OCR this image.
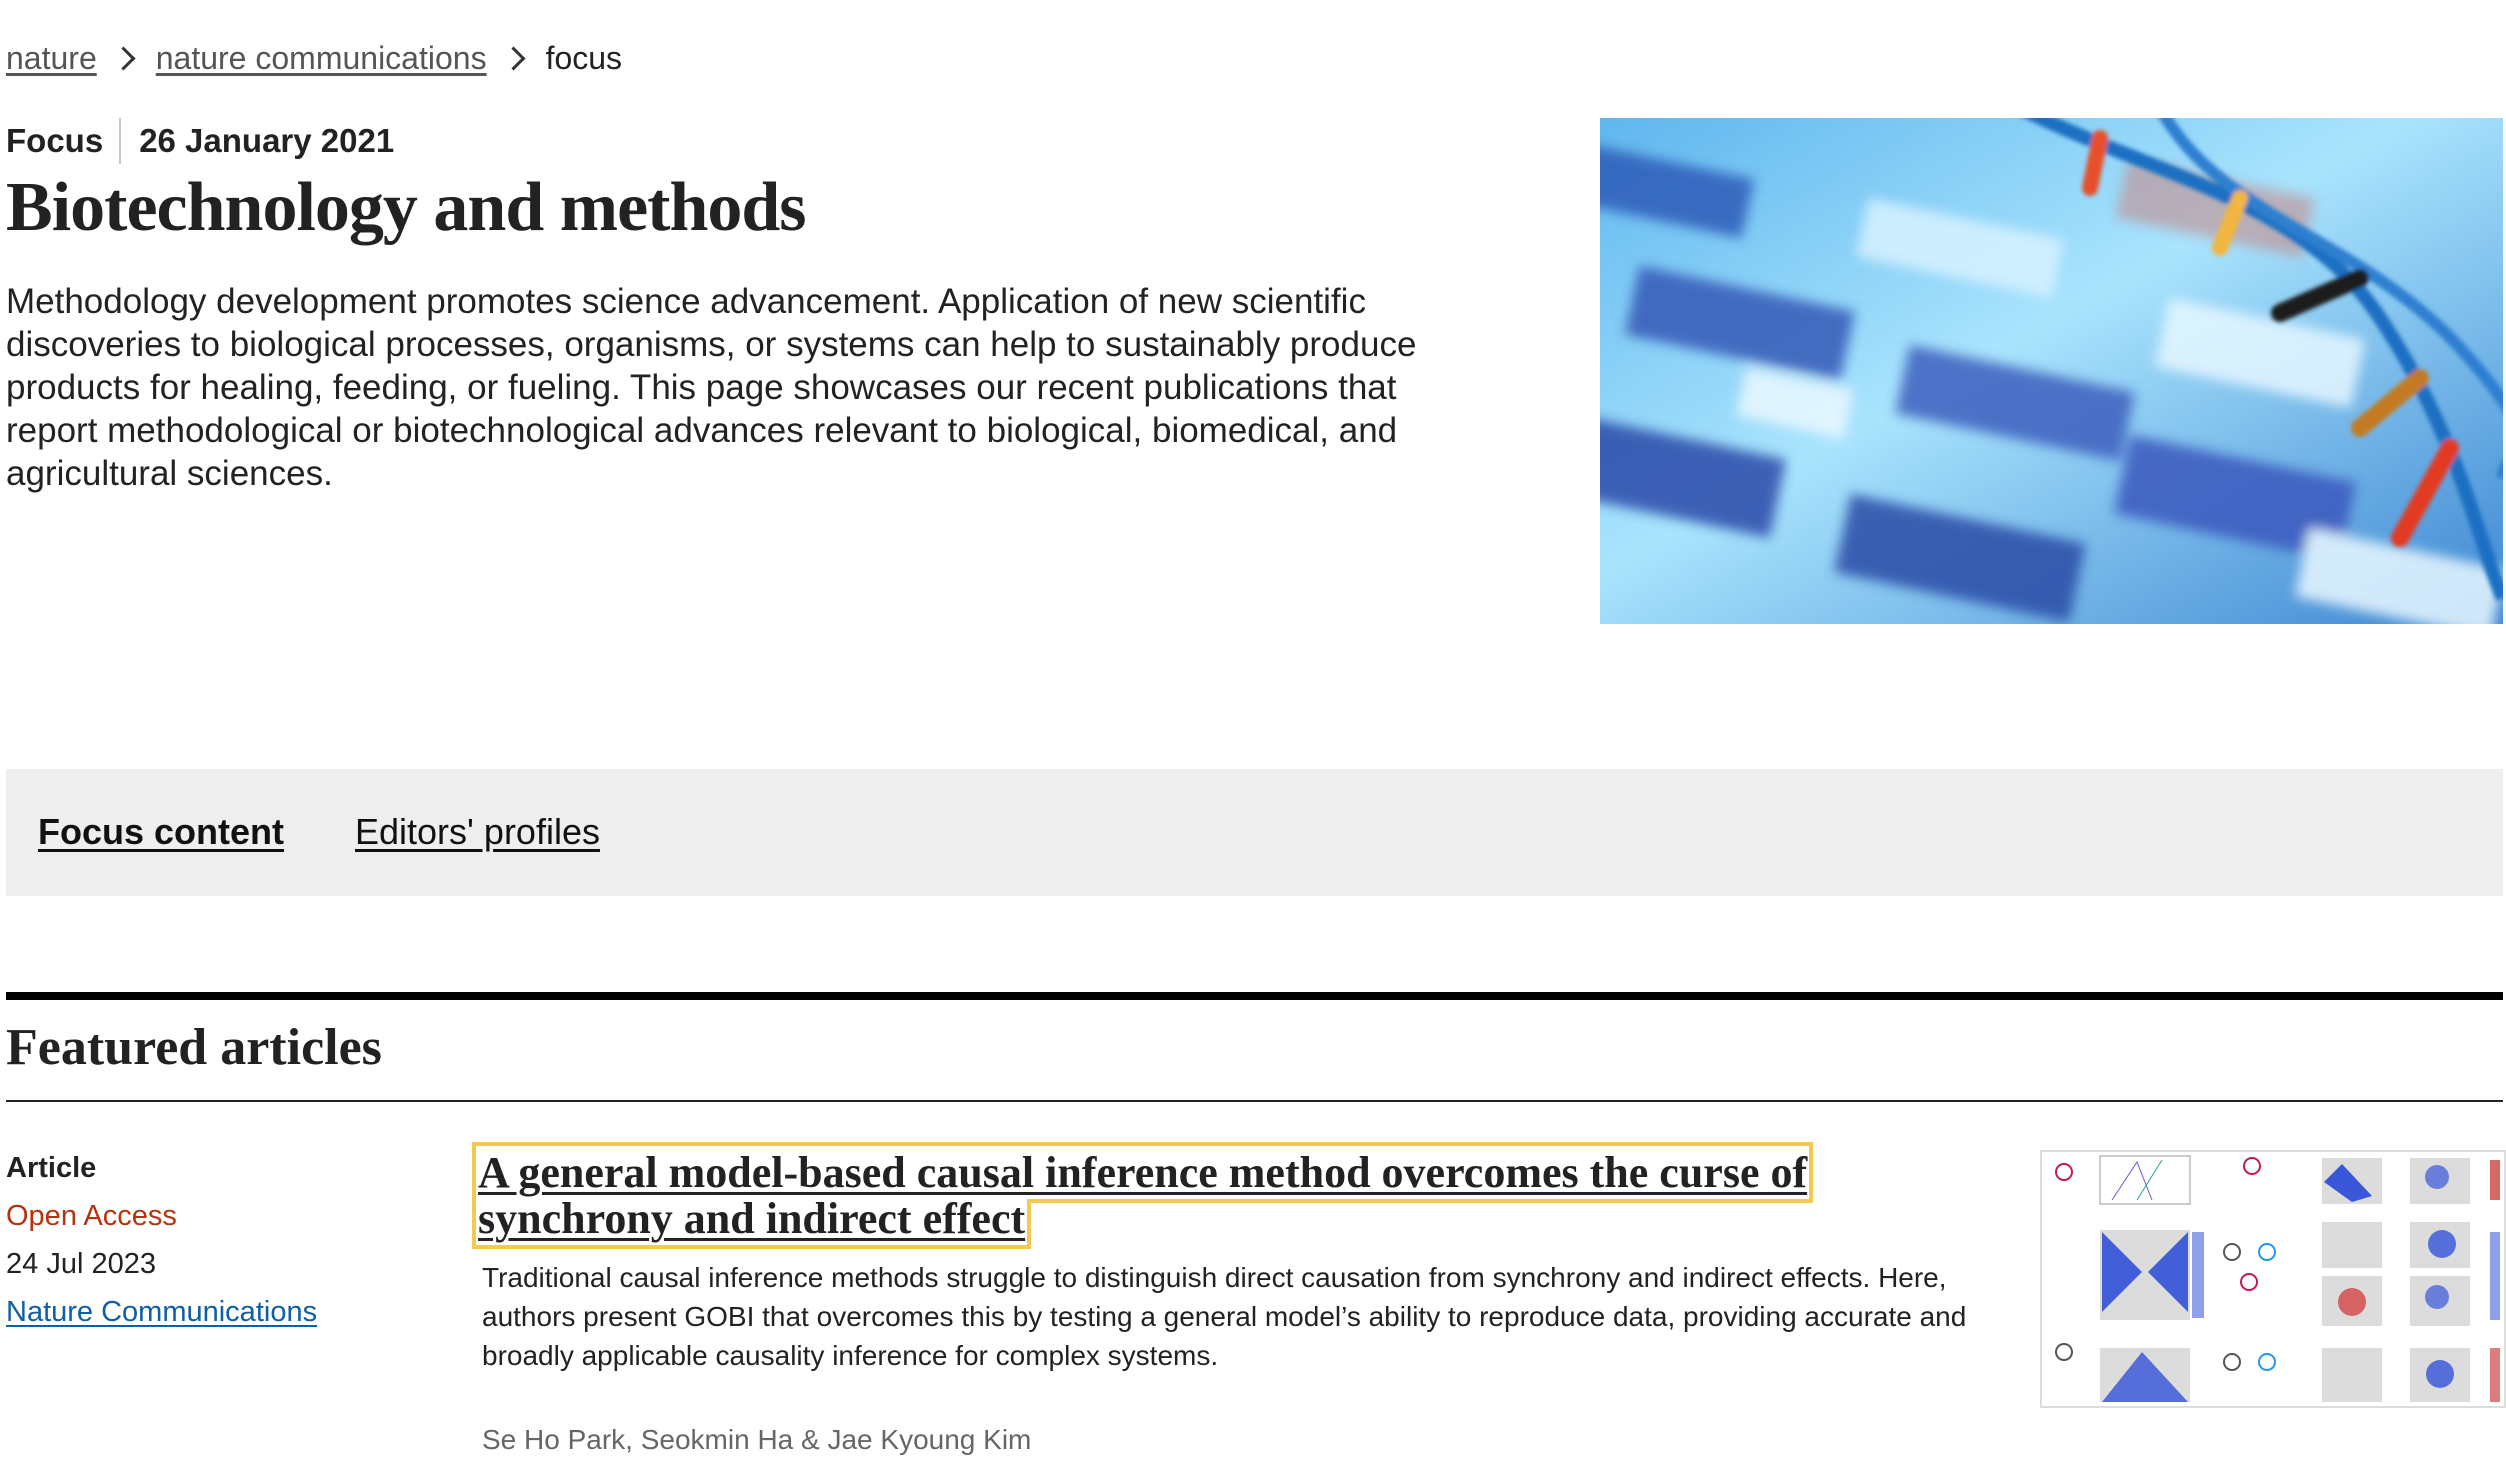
nature nature communications focus
Focus 26 January 2021
Biotechnology and methods

Methodology development promotes science advancement. Application of new scientific discoveries to biological processes, organisms, or systems can help to sustainably produce products for healing, feeding, or fueling. This page showcases our recent publications that report methodological or biotechnological advances relevant to biological, biomedical, and agricultural sciences.

Focus content Editors' profiles
Featured articles
Article
Open Access
24 Jul 2023
Nature Communications
A general model-based causal inference method overcomes the curse of synchrony and indirect effect

Traditional causal inference methods struggle to distinguish direct causation from synchrony and indirect effects. Here, authors present GOBI that overcomes this by testing a general model’s ability to reproduce data, providing accurate and broadly applicable causality inference for complex systems.

Se Ho Park, Seokmin Ha & Jae Kyoung Kim
